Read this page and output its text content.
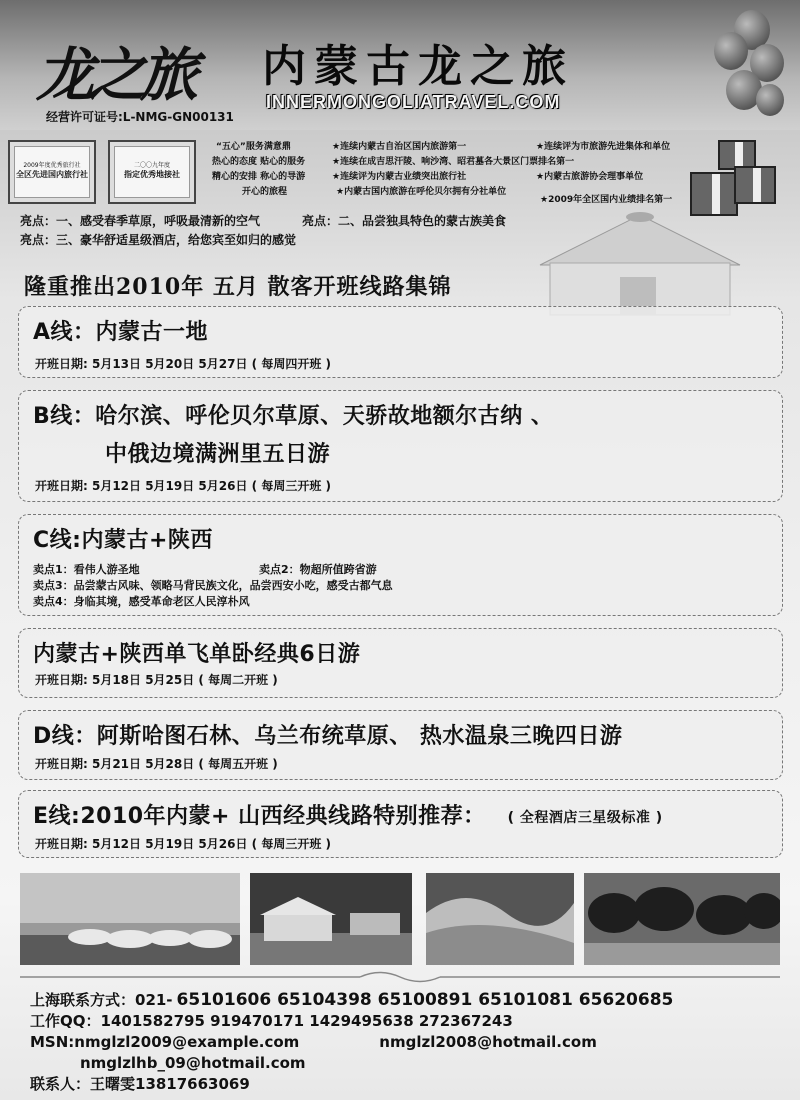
龙之旅
经营许可证号:L-NMG-GN00131
内蒙古龙之旅
INNERMONGOLIATRAVEL.COM
2009年度优秀旅行社
全区先进国内旅行社
二〇〇九年度
指定优秀地接社
“五心”服务满意鼎
热心的态度 贴心的服务
精心的安排 称心的导游
开心的旅程
★连续内蒙古自治区国内旅游第一
★连续在成吉思汗陵、响沙湾、昭君墓各大景区门票排名第一
★连续评为内蒙古业绩突出旅行社
★内蒙古国内旅游在呼伦贝尔拥有分社单位
★连续评为市旅游先进集体和单位
★内蒙古旅游协会理事单位
★2009年全区国内业绩排名第一
亮点：一、感受春季草原，呼吸最清新的空气	亮点：二、品尝独具特色的蒙古族美食
亮点：三、豪华舒适星级酒店，给您宾至如归的感觉
隆重推出2010年 五月 散客开班线路集锦
A线：内蒙古一地
开班日期: 5月13日 5月20日 5月27日 ( 每周四开班 )
B线：哈尔滨、呼伦贝尔草原、天骄故地额尔古纳 、
中俄边境满洲里五日游
开班日期: 5月12日 5月19日 5月26日 ( 每周三开班 )
C线:内蒙古+陕西
卖点1：看伟人游圣地	卖点2：物超所值跨省游
卖点3：品尝蒙古风味、领略马背民族文化，品尝西安小吃，感受古都气息
卖点4：身临其境，感受革命老区人民淳朴风
内蒙古+陕西单飞单卧经典6日游
开班日期: 5月18日 5月25日 ( 每周二开班 )
D线：阿斯哈图石林、乌兰布统草原、 热水温泉三晚四日游
开班日期: 5月21日 5月28日 ( 每周五开班 )
E线:2010年内蒙+ 山西经典线路特别推荐： ( 全程酒店三星级标准 )
开班日期: 5月12日 5月19日 5月26日 ( 每周三开班 )
上海联系方式：021- 65101606 65104398 65100891 65101081 65620685
工作QQ：1401582795 919470171 1429495638 272367243
MSN:nmglzl2009@example.com	nmglzl2008@hotmail.com
nmglzlhb_09@hotmail.com
联系人：王曙雯13817663069
